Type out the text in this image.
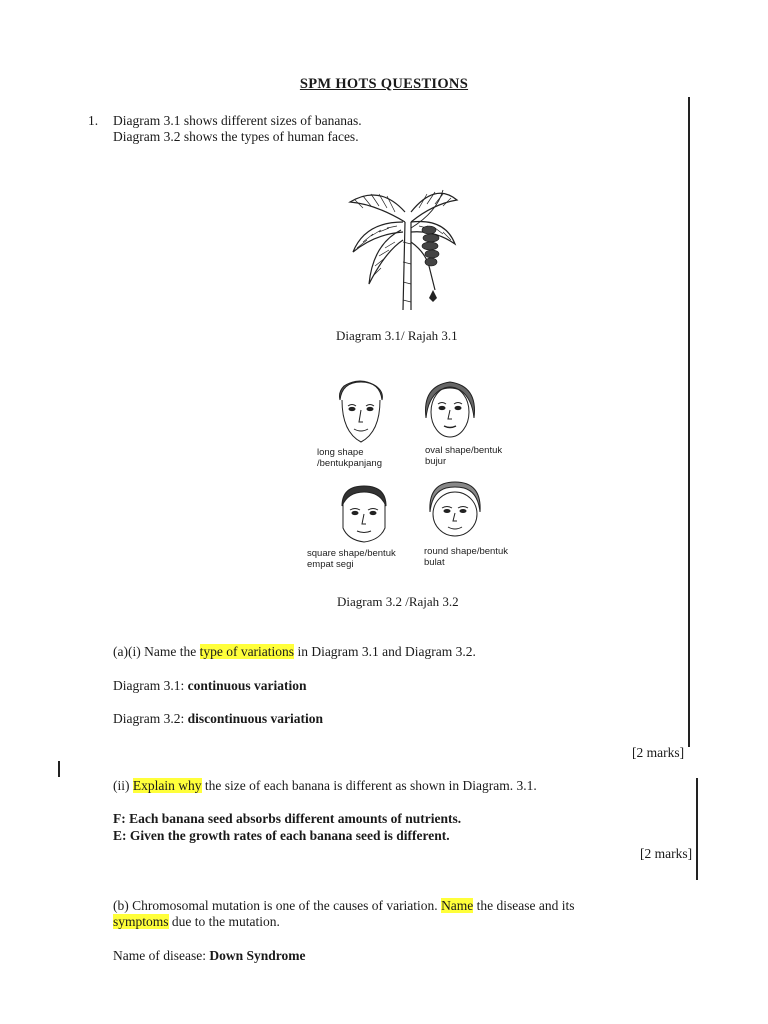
SPM HOTS QUESTIONS
1. Diagram 3.1 shows different sizes of bananas.
Diagram 3.2 shows the types of human faces.
Diagram 3.1/ Rajah 3.1
long shape
/bentukpanjang
oval shape/bentuk
bujur
square shape/bentuk
empat segi
round shape/bentuk
bulat
Diagram 3.2 /Rajah 3.2
(a)(i) Name the type of variations in Diagram 3.1 and Diagram 3.2.
Diagram 3.1: continuous variation
Diagram 3.2: discontinuous variation
[2 marks]
(ii) Explain why the size of each banana is different as shown in Diagram. 3.1.
F: Each banana seed absorbs different amounts of nutrients.
E: Given the growth rates of each banana seed is different.
[2 marks]
(b) Chromosomal mutation is one of the causes of variation. Name the disease and its
symptoms due to the mutation.
Name of disease: Down Syndrome
